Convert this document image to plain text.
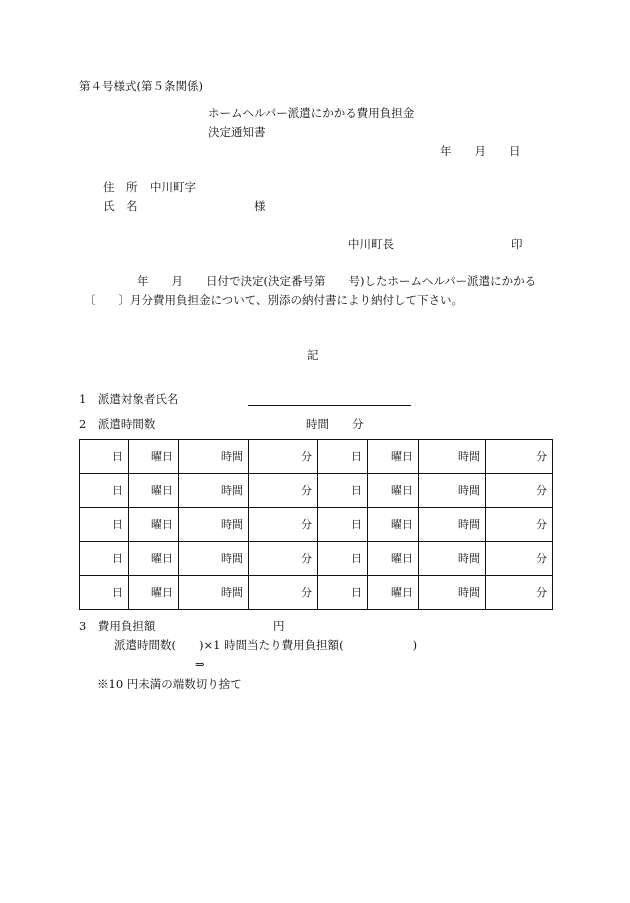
第４号様式(第５条関係)
ホームヘルパー派遣にかかる費用負担金
決定通知書
年　　月　　日
住　所 中川町字
氏　名	様
中川町長	印
年　　月　　日付で決定(決定番号第　　号)したホームヘルパー派遣にかかる
〔　　〕月分費用負担金について、別添の納付書により納付して下さい。
記
1　派遣対象者氏名
2　派遣時間数	時間　　分
日	曜日	時間	分	日	曜日	時間	分
日	曜日	時間	分	日	曜日	時間	分
日	曜日	時間	分	日	曜日	時間	分
日	曜日	時間	分	日	曜日	時間	分
日	曜日	時間	分	日	曜日	時間	分
3　費用負担額	円
派遣時間数(　　)×1 時間当たり費用負担額(　　　　　　)
⇒
※10 円未満の端数切り捨て
